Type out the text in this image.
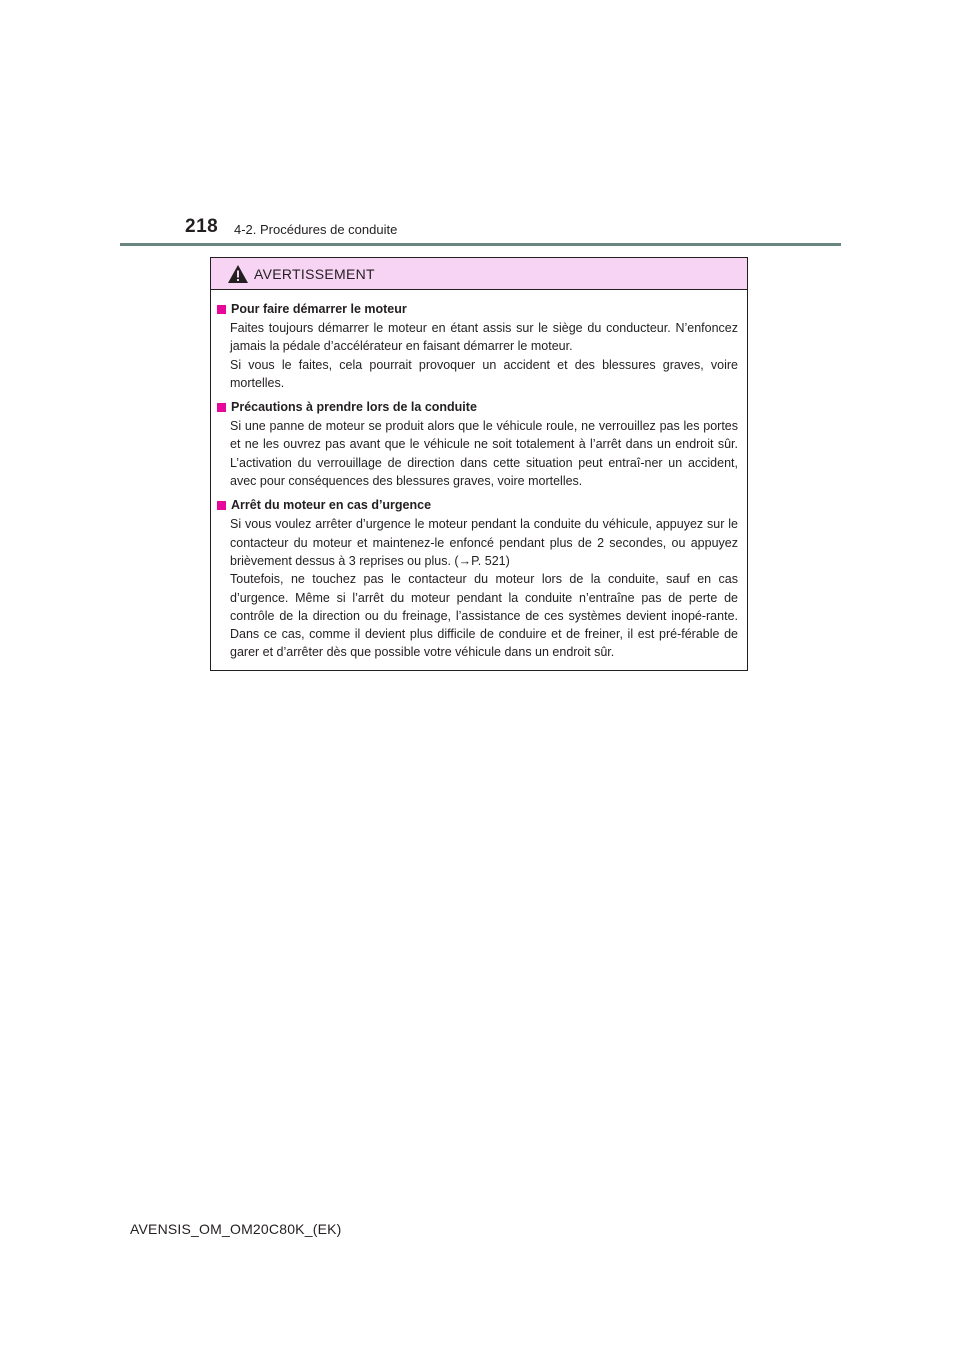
218 4-2. Procédures de conduite
AVERTISSEMENT
Pour faire démarrer le moteur

Faites toujours démarrer le moteur en étant assis sur le siège du conducteur. N’enfoncez jamais la pédale d’accélérateur en faisant démarrer le moteur.

Si vous le faites, cela pourrait provoquer un accident et des blessures graves, voire mortelles.

Précautions à prendre lors de la conduite

Si une panne de moteur se produit alors que le véhicule roule, ne verrouillez pas les portes et ne les ouvrez pas avant que le véhicule ne soit totalement à l’arrêt dans un endroit sûr. L’activation du verrouillage de direction dans cette situation peut entraî-ner un accident, avec pour conséquences des blessures graves, voire mortelles.

Arrêt du moteur en cas d’urgence

Si vous voulez arrêter d’urgence le moteur pendant la conduite du véhicule, appuyez sur le contacteur du moteur et maintenez-le enfoncé pendant plus de 2 secondes, ou appuyez brièvement dessus à 3 reprises ou plus. (→P. 521)

Toutefois, ne touchez pas le contacteur du moteur lors de la conduite, sauf en cas d’urgence. Même si l’arrêt du moteur pendant la conduite n’entraîne pas de perte de contrôle de la direction ou du freinage, l’assistance de ces systèmes devient inopé-rante. Dans ce cas, comme il devient plus difficile de conduire et de freiner, il est pré-férable de garer et d’arrêter dès que possible votre véhicule dans un endroit sûr.

AVENSIS_OM_OM20C80K_(EK)
